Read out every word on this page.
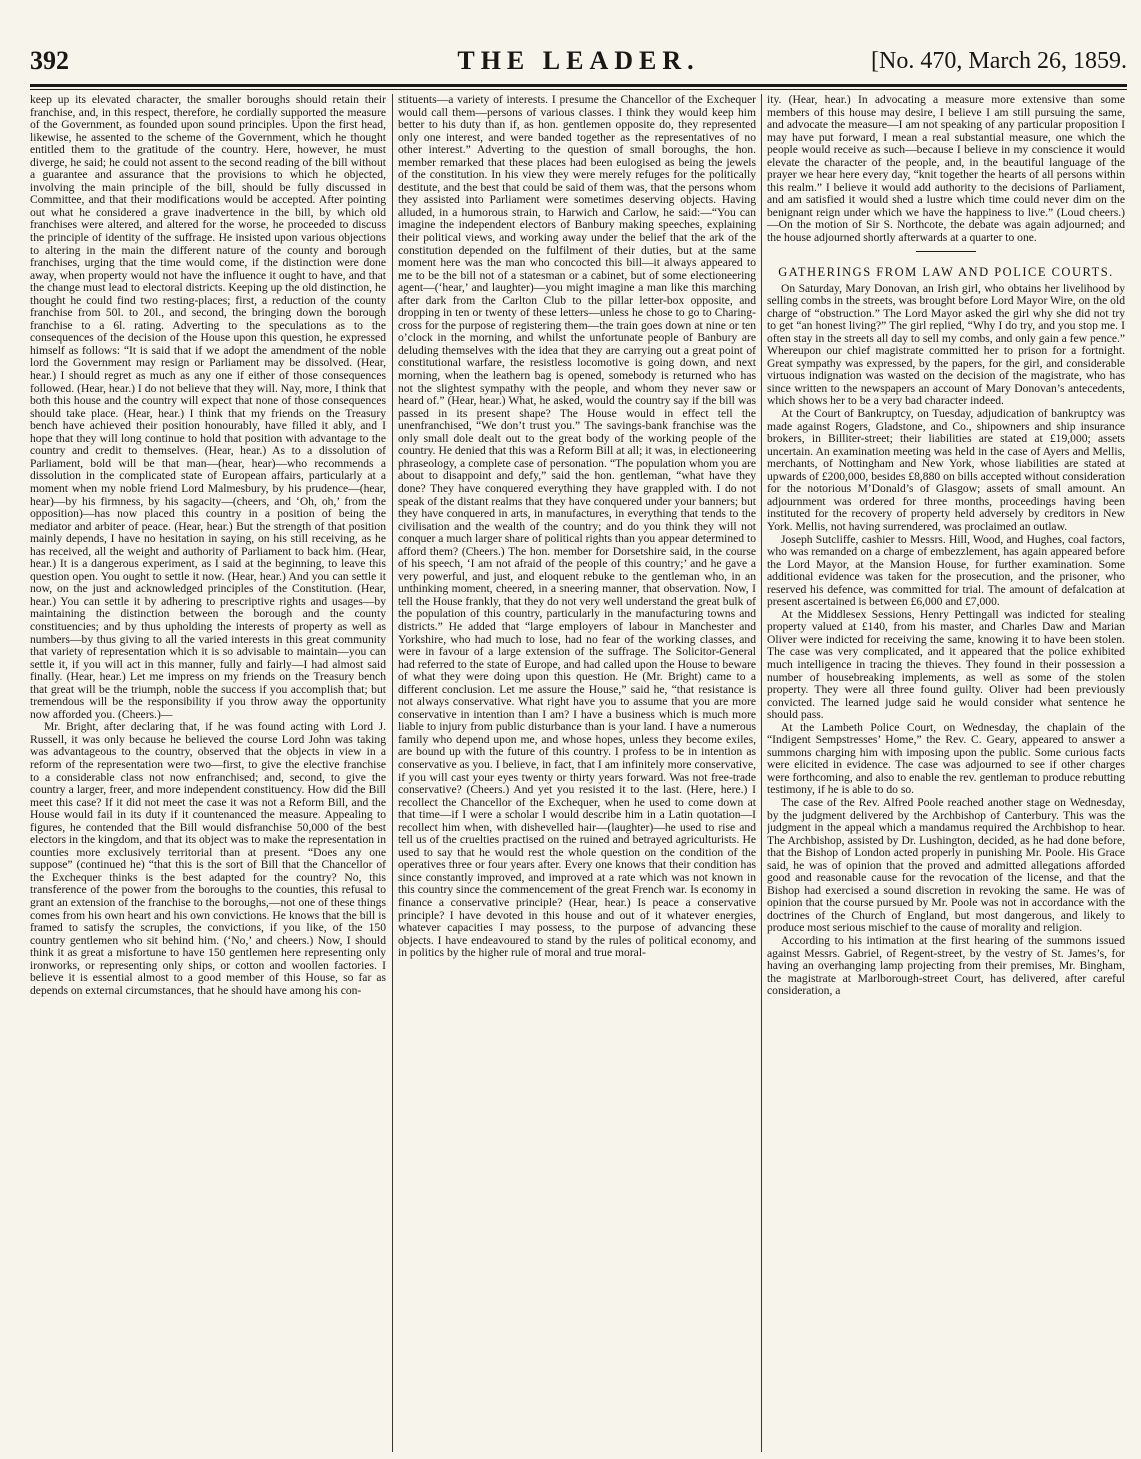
392	THE LEADER.	[No. 470, March 26, 1859.

keep up its elevated character, the smaller boroughs should retain their franchise, and, in this respect, therefore, he cordially supported the measure of the Government, as founded upon sound principles. Upon the first head, likewise, he assented to the scheme of the Government, which he thought entitled them to the gratitude of the country. Here, however, he must diverge, he said; he could not assent to the second reading of the bill without a guarantee and assurance that the provisions to which he objected, involving the main principle of the bill, should be fully discussed in Committee, and that their modifications would be accepted. After pointing out what he considered a grave inadvertence in the bill, by which old franchises were altered, and altered for the worse, he proceeded to discuss the principle of identity of the suffrage. He insisted upon various objections to altering in the main the different nature of the county and borough franchises, urging that the time would come, if the distinction were done away, when property would not have the influence it ought to have, and that the change must lead to electoral districts. Keeping up the old distinction, he thought he could find two resting-places; first, a reduction of the county franchise from 50l. to 20l., and second, the bringing down the borough franchise to a 6l. rating. Adverting to the speculations as to the consequences of the decision of the House upon this question, he expressed himself as follows: “It is said that if we adopt the amendment of the noble lord the Government may resign or Parliament may be dissolved. (Hear, hear.) I should regret as much as any one if either of those consequences followed. (Hear, hear.) I do not believe that they will. Nay, more, I think that both this house and the country will expect that none of those consequences should take place. (Hear, hear.) I think that my friends on the Treasury bench have achieved their position honourably, have filled it ably, and I hope that they will long continue to hold that position with advantage to the country and credit to themselves. (Hear, hear.) As to a dissolution of Parliament, bold will be that man—(hear, hear)—who recommends a dissolution in the complicated state of European affairs, particularly at a moment when my noble friend Lord Malmesbury, by his prudence—(hear, hear)—by his firmness, by his sagacity—(cheers, and ‘Oh, oh,’ from the opposition)—has now placed this country in a position of being the mediator and arbiter of peace. (Hear, hear.) But the strength of that position mainly depends, I have no hesitation in saying, on his still receiving, as he has received, all the weight and authority of Parliament to back him. (Hear, hear.) It is a dangerous experiment, as I said at the beginning, to leave this question open. You ought to settle it now. (Hear, hear.) And you can settle it now, on the just and acknowledged principles of the Constitution. (Hear, hear.) You can settle it by adhering to prescriptive rights and usages—by maintaining the distinction between the borough and the county constituencies; and by thus upholding the interests of property as well as numbers—by thus giving to all the varied interests in this great community that variety of representation which it is so advisable to maintain—you can settle it, if you will act in this manner, fully and fairly—I had almost said finally. (Hear, hear.) Let me impress on my friends on the Treasury bench that great will be the triumph, noble the success if you accomplish that; but tremendous will be the responsibility if you throw away the opportunity now afforded you. (Cheers.)—

Mr. Bright, after declaring that, if he was found acting with Lord J. Russell, it was only because he believed the course Lord John was taking was advantageous to the country, observed that the objects in view in a reform of the representation were two—first, to give the elective franchise to a considerable class not now enfranchised; and, second, to give the country a larger, freer, and more independent constituency. How did the Bill meet this case? If it did not meet the case it was not a Reform Bill, and the House would fail in its duty if it countenanced the measure. Appealing to figures, he contended that the Bill would disfranchise 50,000 of the best electors in the kingdom, and that its object was to make the representation in counties more exclusively territorial than at present. “Does any one suppose” (continued he) “that this is the sort of Bill that the Chancellor of the Exchequer thinks is the best adapted for the country? No, this transference of the power from the boroughs to the counties, this refusal to grant an extension of the franchise to the boroughs,—not one of these things comes from his own heart and his own convictions. He knows that the bill is framed to satisfy the scruples, the convictions, if you like, of the 150 country gentlemen who sit behind him. (‘No,’ and cheers.) Now, I should think it as great a misfortune to have 150 gentlemen here representing only ironworks, or representing only ships, or cotton and woollen factories. I believe it is essential almost to a good member of this House, so far as depends on external circumstances, that he should have among his con-

stituents—a variety of interests. I presume the Chancellor of the Exchequer would call them—persons of various classes. I think they would keep him better to his duty than if, as hon. gentlemen opposite do, they represented only one interest, and were banded together as the representatives of no other interest.” Adverting to the question of small boroughs, the hon. member remarked that these places had been eulogised as being the jewels of the constitution. In his view they were merely refuges for the politically destitute, and the best that could be said of them was, that the persons whom they assisted into Parliament were sometimes deserving objects. Having alluded, in a humorous strain, to Harwich and Carlow, he said:—“You can imagine the independent electors of Banbury making speeches, explaining their political views, and working away under the belief that the ark of the constitution depended on the fulfilment of their duties, but at the same moment here was the man who concocted this bill—it always appeared to me to be the bill not of a statesman or a cabinet, but of some electioneering agent—(‘hear,’ and laughter)—you might imagine a man like this marching after dark from the Carlton Club to the pillar letter-box opposite, and dropping in ten or twenty of these letters—unless he chose to go to Charing-cross for the purpose of registering them—the train goes down at nine or ten o’clock in the morning, and whilst the unfortunate people of Banbury are deluding themselves with the idea that they are carrying out a great point of constitutional warfare, the resistless locomotive is going down, and next morning, when the leathern bag is opened, somebody is returned who has not the slightest sympathy with the people, and whom they never saw or heard of.” (Hear, hear.) What, he asked, would the country say if the bill was passed in its present shape? The House would in effect tell the unenfranchised, “We don’t trust you.” The savings-bank franchise was the only small dole dealt out to the great body of the working people of the country. He denied that this was a Reform Bill at all; it was, in electioneering phraseology, a complete case of personation. “The population whom you are about to disappoint and defy,” said the hon. gentleman, “what have they done? They have conquered everything they have grappled with. I do not speak of the distant realms that they have conquered under your banners; but they have conquered in arts, in manufactures, in everything that tends to the civilisation and the wealth of the country; and do you think they will not conquer a much larger share of political rights than you appear determined to afford them? (Cheers.) The hon. member for Dorsetshire said, in the course of his speech, ‘I am not afraid of the people of this country;’ and he gave a very powerful, and just, and eloquent rebuke to the gentleman who, in an unthinking moment, cheered, in a sneering manner, that observation. Now, I tell the House frankly, that they do not very well understand the great bulk of the population of this country, particularly in the manufacturing towns and districts.” He added that “large employers of labour in Manchester and Yorkshire, who had much to lose, had no fear of the working classes, and were in favour of a large extension of the suffrage. The Solicitor-General had referred to the state of Europe, and had called upon the House to beware of what they were doing upon this question. He (Mr. Bright) came to a different conclusion. Let me assure the House,” said he, “that resistance is not always conservative. What right have you to assume that you are more conservative in intention than I am? I have a business which is much more liable to injury from public disturbance than is your land. I have a numerous family who depend upon me, and whose hopes, unless they become exiles, are bound up with the future of this country. I profess to be in intention as conservative as you. I believe, in fact, that I am infinitely more conservative, if you will cast your eyes twenty or thirty years forward. Was not free-trade conservative? (Cheers.) And yet you resisted it to the last. (Here, here.) I recollect the Chancellor of the Exchequer, when he used to come down at that time—if I were a scholar I would describe him in a Latin quotation—I recollect him when, with dishevelled hair—(laughter)—he used to rise and tell us of the cruelties practised on the ruined and betrayed agriculturists. He used to say that he would rest the whole question on the condition of the operatives three or four years after. Every one knows that their condition has since constantly improved, and improved at a rate which was not known in this country since the commencement of the great French war. Is economy in finance a conservative principle? (Hear, hear.) Is peace a conservative principle? I have devoted in this house and out of it whatever energies, whatever capacities I may possess, to the purpose of advancing these objects. I have endeavoured to stand by the rules of political economy, and in politics by the higher rule of moral and true moral-

ity. (Hear, hear.) In advocating a measure more extensive than some members of this house may desire, I believe I am still pursuing the same, and advocate the measure—I am not speaking of any particular proposition I may have put forward, I mean a real substantial measure, one which the people would receive as such—because I believe in my conscience it would elevate the character of the people, and, in the beautiful language of the prayer we hear here every day, “knit together the hearts of all persons within this realm.” I believe it would add authority to the decisions of Parliament, and am satisfied it would shed a lustre which time could never dim on the benignant reign under which we have the happiness to live.” (Loud cheers.)—On the motion of Sir S. Northcote, the debate was again adjourned; and the house adjourned shortly afterwards at a quarter to one.

GATHERINGS FROM LAW AND POLICE COURTS.

On Saturday, Mary Donovan, an Irish girl, who obtains her livelihood by selling combs in the streets, was brought before Lord Mayor Wire, on the old charge of “obstruction.” The Lord Mayor asked the girl why she did not try to get “an honest living?” The girl replied, “Why I do try, and you stop me. I often stay in the streets all day to sell my combs, and only gain a few pence.” Whereupon our chief magistrate committed her to prison for a fortnight. Great sympathy was expressed, by the papers, for the girl, and considerable virtuous indignation was wasted on the decision of the magistrate, who has since written to the newspapers an account of Mary Donovan’s antecedents, which shows her to be a very bad character indeed.

At the Court of Bankruptcy, on Tuesday, adjudication of bankruptcy was made against Rogers, Gladstone, and Co., shipowners and ship insurance brokers, in Billiter-street; their liabilities are stated at £19,000; assets uncertain. An examination meeting was held in the case of Ayers and Mellis, merchants, of Nottingham and New York, whose liabilities are stated at upwards of £200,000, besides £8,880 on bills accepted without consideration for the notorious M’Donald’s of Glasgow; assets of small amount. An adjournment was ordered for three months, proceedings having been instituted for the recovery of property held adversely by creditors in New York. Mellis, not having surrendered, was proclaimed an outlaw.

Joseph Sutcliffe, cashier to Messrs. Hill, Wood, and Hughes, coal factors, who was remanded on a charge of embezzlement, has again appeared before the Lord Mayor, at the Mansion House, for further examination. Some additional evidence was taken for the prosecution, and the prisoner, who reserved his defence, was committed for trial. The amount of defalcation at present ascertained is between £6,000 and £7,000.

At the Middlesex Sessions, Henry Pettingall was indicted for stealing property valued at £140, from his master, and Charles Daw and Marian Oliver were indicted for receiving the same, knowing it to have been stolen. The case was very complicated, and it appeared that the police exhibited much intelligence in tracing the thieves. They found in their possession a number of housebreaking implements, as well as some of the stolen property. They were all three found guilty. Oliver had been previously convicted. The learned judge said he would consider what sentence he should pass.

At the Lambeth Police Court, on Wednesday, the chaplain of the “Indigent Sempstresses’ Home,” the Rev. C. Geary, appeared to answer a summons charging him with imposing upon the public. Some curious facts were elicited in evidence. The case was adjourned to see if other charges were forthcoming, and also to enable the rev. gentleman to produce rebutting testimony, if he is able to do so.

The case of the Rev. Alfred Poole reached another stage on Wednesday, by the judgment delivered by the Archbishop of Canterbury. This was the judgment in the appeal which a mandamus required the Archbishop to hear. The Archbishop, assisted by Dr. Lushington, decided, as he had done before, that the Bishop of London acted properly in punishing Mr. Poole. His Grace said, he was of opinion that the proved and admitted allegations afforded good and reasonable cause for the revocation of the license, and that the Bishop had exercised a sound discretion in revoking the same. He was of opinion that the course pursued by Mr. Poole was not in accordance with the doctrines of the Church of England, but most dangerous, and likely to produce most serious mischief to the cause of morality and religion.

According to his intimation at the first hearing of the summons issued against Messrs. Gabriel, of Regent-street, by the vestry of St. James’s, for having an overhanging lamp projecting from their premises, Mr. Bingham, the magistrate at Marlborough-street Court, has delivered, after careful consideration, a
